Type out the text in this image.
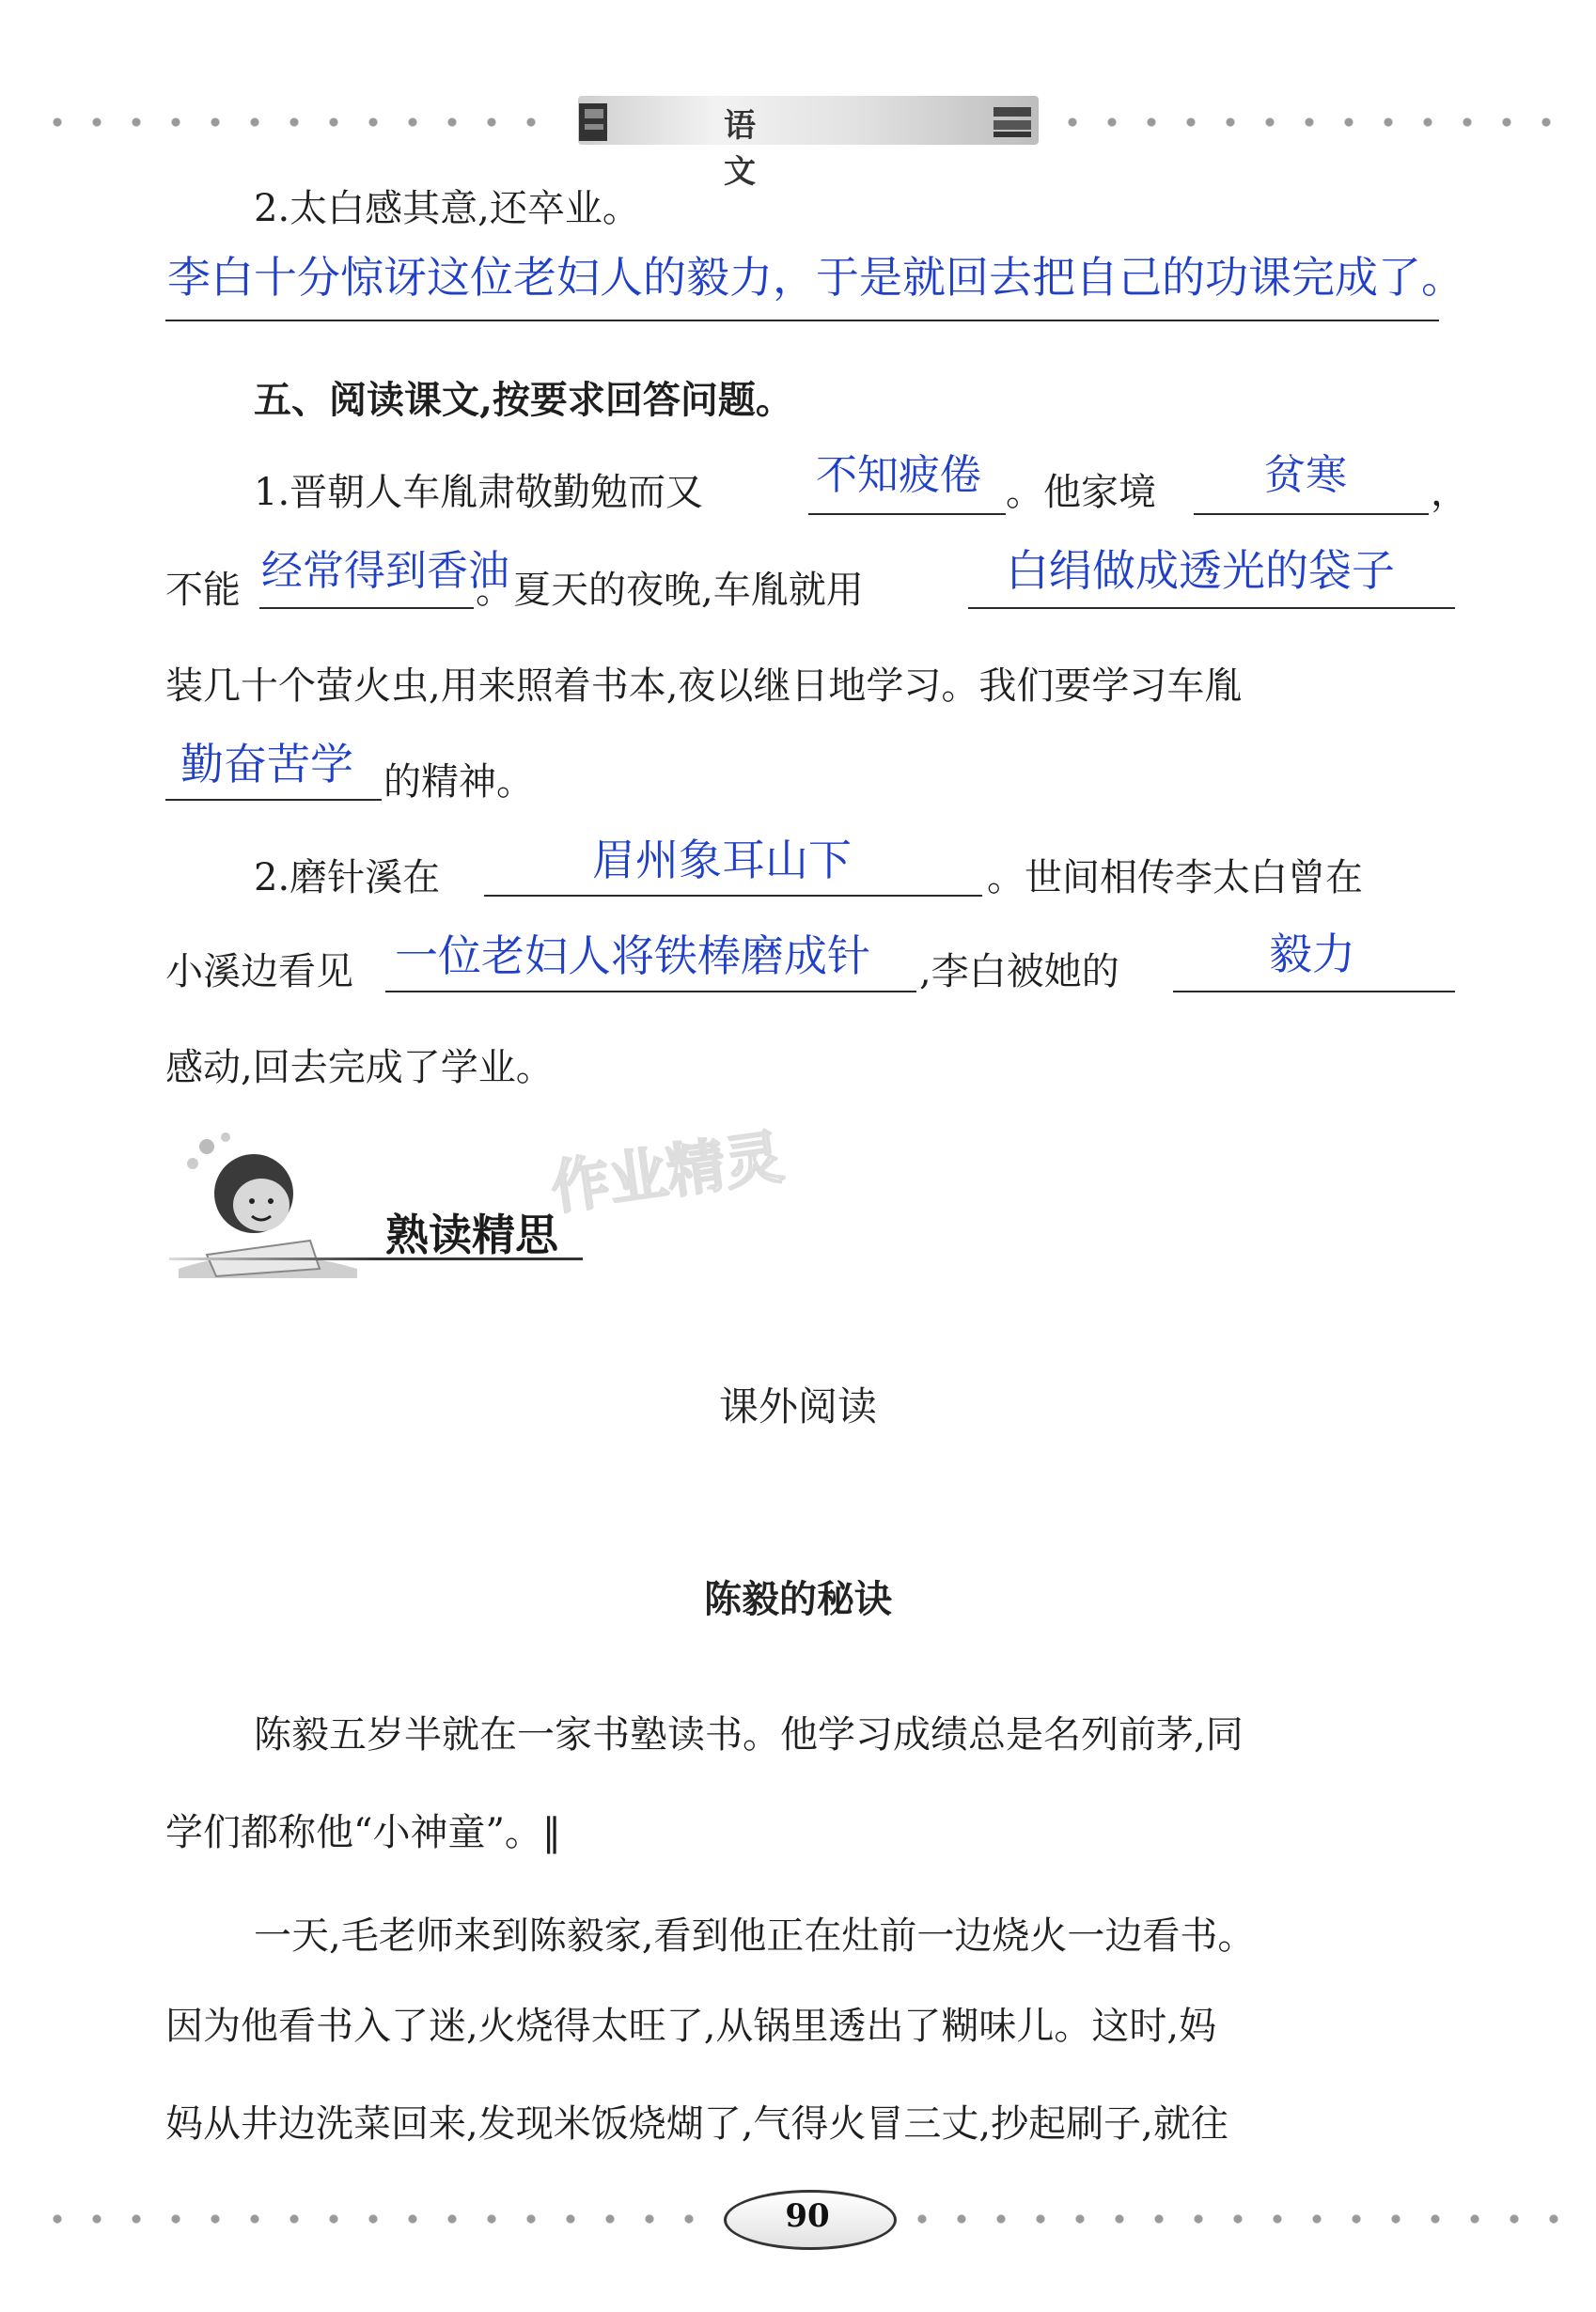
语 文
2.太白感其意,还卒业。
李白十分惊讶这位老妇人的毅力，于是就回去把自己的功课完成了。
五、阅读课文,按要求回答问题。
1.晋朝人车胤肃敬勤勉而又	不知疲倦 。他家境	贫寒 ，
不能 经常得到香油
。夏天的夜晚,车胤就用	白绢做成透光的袋子
装几十个萤火虫,用来照着书本,夜以继日地学习。我们要学习车胤
勤奋苦学 的精神。
2.磨针溪在	眉州象耳山下	。世间相传李太白曾在
小溪边看见 一位老妇人将铁棒磨成针 ,李白被她的	毅力
感动,回去完成了学业。
熟读精思
作业精灵
课外阅读
陈毅的秘诀
陈毅五岁半就在一家书塾读书。他学习成绩总是名列前茅,同
学们都称他“小神童”。‖
一天,毛老师来到陈毅家,看到他正在灶前一边烧火一边看书。
因为他看书入了迷,火烧得太旺了,从锅里透出了糊味儿。这时,妈
妈从井边洗菜回来,发现米饭烧煳了,气得火冒三丈,抄起刷子,就往
90
